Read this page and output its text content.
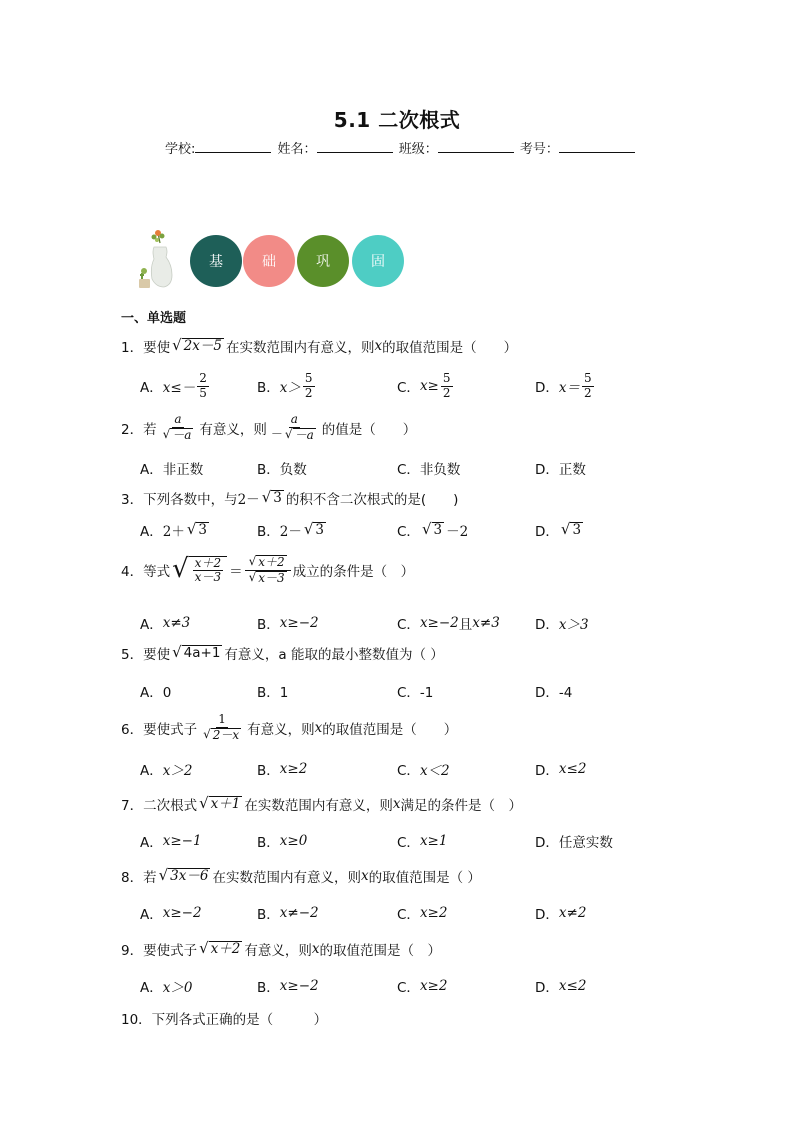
5.1 二次根式
学校:	姓名：	班级：	考号：
基	础	巩	固
一、单选题
1． 要使 √ 2x－5 在实数范围内有意义，则 x 的取值范围是（　　）
A． $x\le- \frac{2}{5}$	B． $x> \frac{5}{2}$	C． $x\ge \frac{5}{2}$	D． $x= \frac{5}{2}$
2． 若 $\frac{a}{√ -a}$ 有意义，则 $\frac{a}{- √ -a}$ 的值是（　　）
A．非正数	B．负数	C．非负数	D．正数
3． 下列各数中，与 2－ √ 3 的积不含二次根式的是(　　)
A． 2＋ √ 3	B． 2－ √ 3	C． √ 3 －2	D． √ 3
4． 等式 √ $\frac{x+2}{x-3} = \frac{√ x+2}{√ x-3}$ 成立的条件是（　）
A． x≠3	B． x≥−2	C． x≥−2 且 x≠3	D． x＞3
5． 要使 √ 4a+1 有意义，a 能取的最小整数值为（ ）
A．0	B．1	C．-1	D．-4
6． 要使式子 $\frac{1}{√ 2-x}$ 有意义，则 x 的取值范围是（　　）
A． x＞2	B． x≥2	C． x＜2	D． x≤2
7． 二次根式 √ x＋1 在实数范围内有意义，则 x 满足的条件是（　）
A． x≥−1	B． x≥0	C． x≥1	D．任意实数
8． 若 √ 3x－6 在实数范围内有意义，则 x 的取值范围是（ ）
A． x≥−2	B． x≠−2	C． x≥2	D． x≠2
9． 要使式子 √ x＋2 有意义，则 x 的取值范围是（　）
A． x＞0	B． x≥−2	C． x≥2	D． x≤2
10．下列各式正确的是（　　　）
